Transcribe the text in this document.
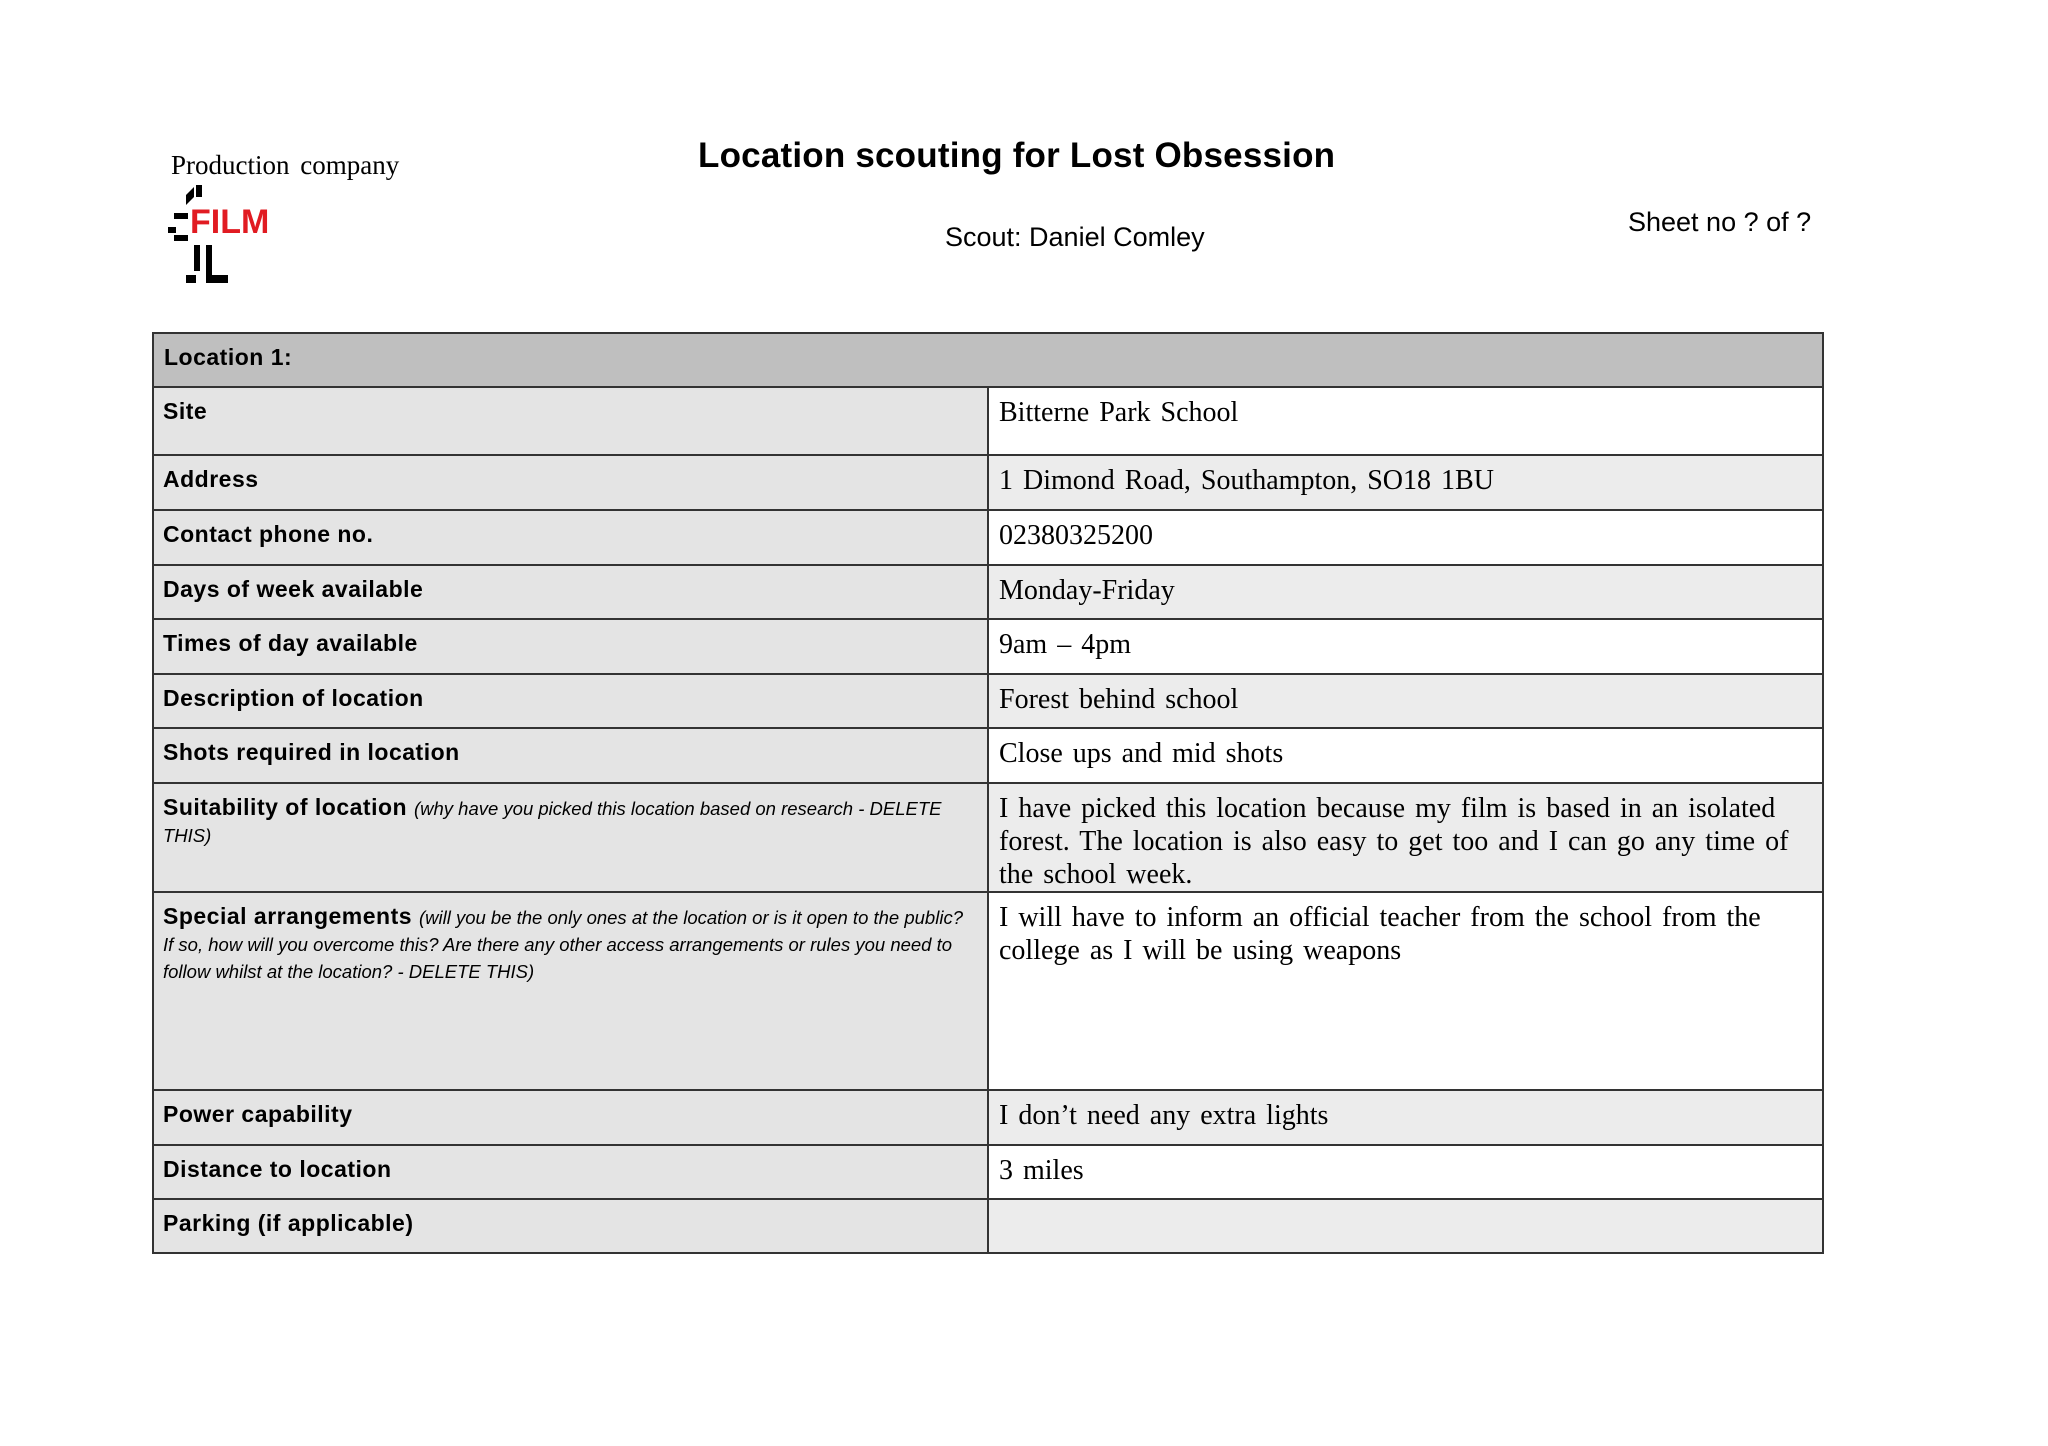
Production company
FILM
Location scouting for Lost Obsession
Scout: Daniel Comley	Sheet no ? of ?
Location 1:	
Site	Bitterne Park School
Address	1 Dimond Road, Southampton, SO18 1BU
Contact phone no.	02380325200
Days of week available	Monday-Friday
Times of day available	9am – 4pm
Description of location	Forest behind school
Shots required in location	Close ups and mid shots
Suitability of location (why have you picked this location based on research - DELETE THIS)	I have picked this location because my film is based in an isolated forest. The location is also easy to get too and I can go any time of the school week.
Special arrangements (will you be the only ones at the location or is it open to the public? If so, how will you overcome this? Are there any other access arrangements or rules you need to follow whilst at the location? - DELETE THIS)	I will have to inform an official teacher from the school from the college as I will be using weapons
Power capability	I don’t need any extra lights
Distance to location	3 miles
Parking (if applicable)	
